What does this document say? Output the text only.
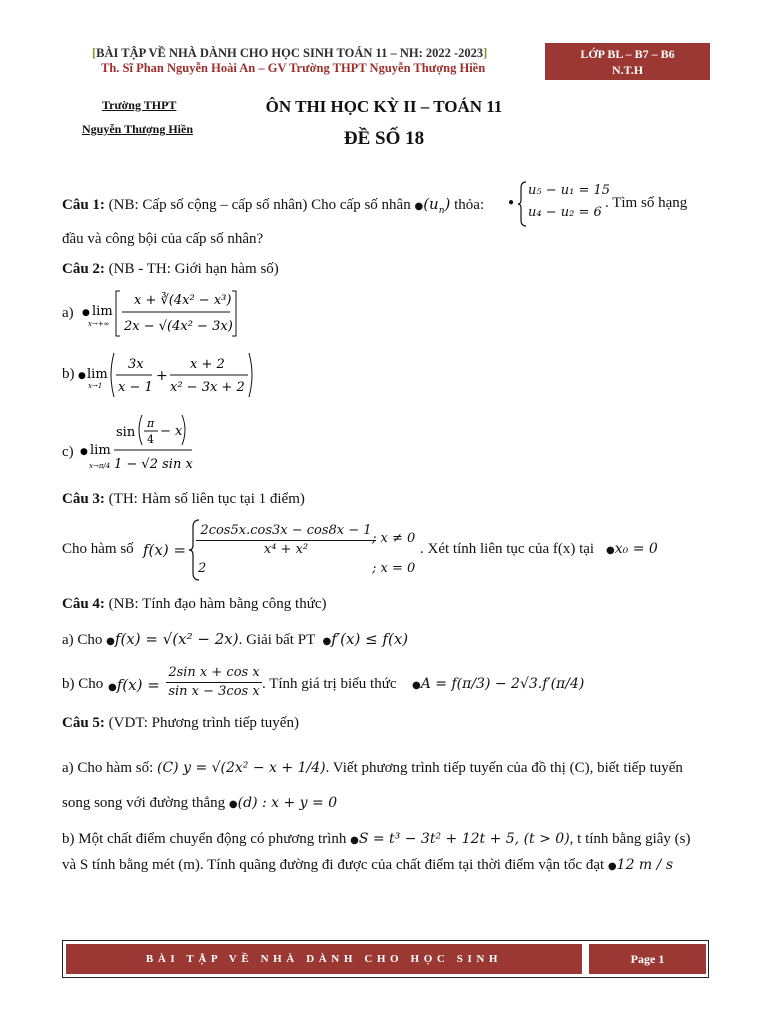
[BÀI TẬP VỀ NHÀ DÀNH CHO HỌC SINH TOÁN 11 – NH: 2022 -2023]
Th. Sĩ Phan Nguyễn Hoài An – GV Trường THPT Nguyễn Thượng Hiền
LỚP BL – B7 – B6
N.T.H
Trường THPT
Nguyễn Thượng Hiền
ÔN THI HỌC KỲ II – TOÁN 11
ĐỀ SỐ 18
Câu 1: (NB: Cấp số cộng – cấp số nhân) Cho cấp số nhân $●(u_n)$ thỏa: ●
u₅ − u₁ = 15
u₄ − u₂ = 6
. Tìm số hạng
đầu và công bội của cấp số nhân?
Câu 2: (NB - TH: Giới hạn hàm số)
a) ● lim
x→+∞
x + ∛(4x² − x³)
2x − √(4x² − 3x)
b) ● lim
x→1
3x
x − 1
+
x + 2
x² − 3x + 2
c) ● lim
x→π/4
sin
π
4
− x
1 − √2 sin x
Câu 3: (TH: Hàm số liên tục tại 1 điểm)
Cho hàm số $f(x) = \frac{2\cos 5x.\cos 3x - \cos 8x - 1}{\text{x⁴ + x²}}$
; x ≠ 0
2	; x = 0
. Xét tính liên tục của f(x) tại ●x₀ = 0
Câu 4: (NB: Tính đạo hàm bằng công thức)
a) Cho ●f(x) = √(x² − 2x). Giải bất PT ●f′(x) ≤ f(x)
b) Cho ●f(x) = $\frac{\text{2sin x + cos x}}{\text{sin x − 3cos x}}$ . Tính giá trị biểu thức ●A = f(π/3) − 2√3.f′(π/4)
Câu 5: (VDT: Phương trình tiếp tuyến)
a) Cho hàm số: (C) y = √(2x² − x + 1/4). Viết phương trình tiếp tuyến của đồ thị (C), biết tiếp tuyến
song song với đường thẳng ●(d) : x + y = 0
b) Một chất điểm chuyển động có phương trình ●S = t³ − 3t² + 12t + 5, (t > 0), t tính bằng giây (s)
và S tính bằng mét (m). Tính quãng đường đi được của chất điểm tại thời điểm vận tốc đạt ●12 m / s
BÀI TẬP VỀ NHÀ DÀNH CHO HỌC SINH	Page 1
